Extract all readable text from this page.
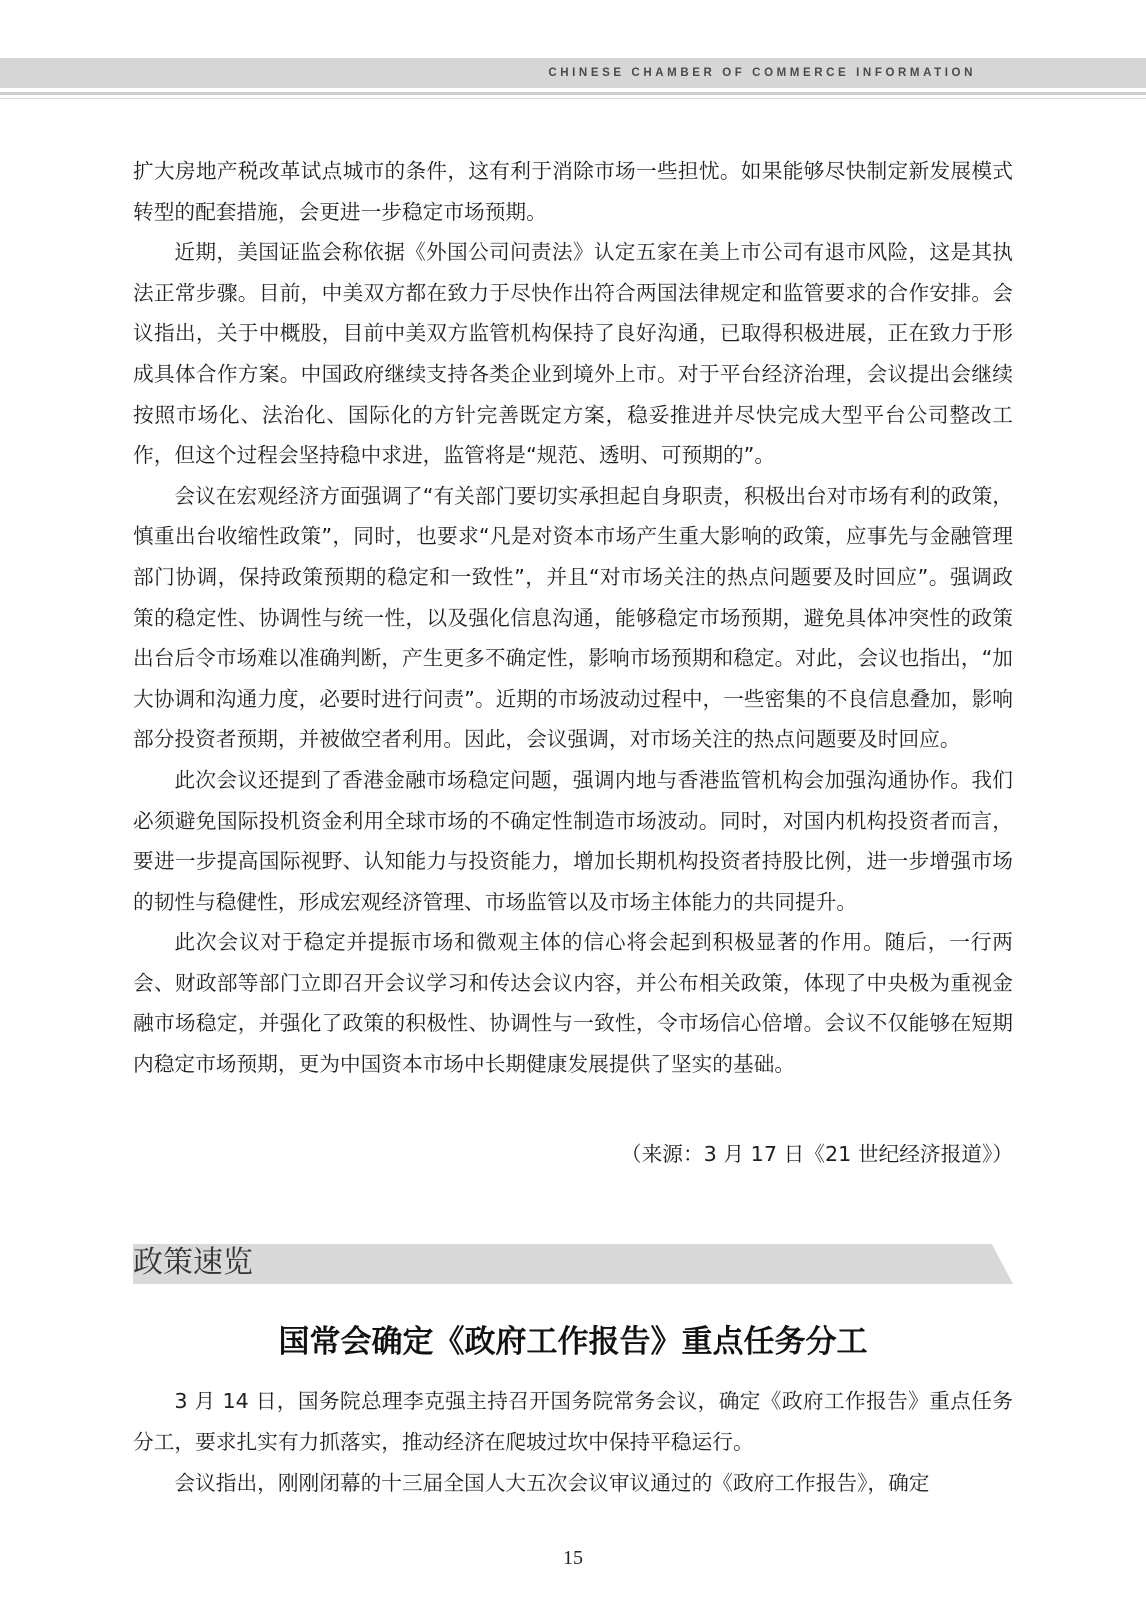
CHINESE CHAMBER OF COMMERCE INFORMATION

扩大房地产税改革试点城市的条件，这有利于消除市场一些担忧。如果能够尽快制定新发展模式转型的配套措施，会更进一步稳定市场预期。

近期，美国证监会称依据《外国公司问责法》认定五家在美上市公司有退市风险，这是其执法正常步骤。目前，中美双方都在致力于尽快作出符合两国法律规定和监管要求的合作安排。会议指出，关于中概股，目前中美双方监管机构保持了良好沟通，已取得积极进展，正在致力于形成具体合作方案。中国政府继续支持各类企业到境外上市。对于平台经济治理，会议提出会继续按照市场化、法治化、国际化的方针完善既定方案，稳妥推进并尽快完成大型平台公司整改工作，但这个过程会坚持稳中求进，监管将是“规范、透明、可预期的”。

会议在宏观经济方面强调了“有关部门要切实承担起自身职责，积极出台对市场有利的政策，慎重出台收缩性政策”，同时，也要求“凡是对资本市场产生重大影响的政策，应事先与金融管理部门协调，保持政策预期的稳定和一致性”，并且“对市场关注的热点问题要及时回应”。强调政策的稳定性、协调性与统一性，以及强化信息沟通，能够稳定市场预期，避免具体冲突性的政策出台后令市场难以准确判断，产生更多不确定性，影响市场预期和稳定。对此，会议也指出，“加大协调和沟通力度，必要时进行问责”。近期的市场波动过程中，一些密集的不良信息叠加，影响部分投资者预期，并被做空者利用。因此，会议强调，对市场关注的热点问题要及时回应。

此次会议还提到了香港金融市场稳定问题，强调内地与香港监管机构会加强沟通协作。我们必须避免国际投机资金利用全球市场的不确定性制造市场波动。同时，对国内机构投资者而言，要进一步提高国际视野、认知能力与投资能力，增加长期机构投资者持股比例，进一步增强市场的韧性与稳健性，形成宏观经济管理、市场监管以及市场主体能力的共同提升。

此次会议对于稳定并提振市场和微观主体的信心将会起到积极显著的作用。随后，一行两会、财政部等部门立即召开会议学习和传达会议内容，并公布相关政策，体现了中央极为重视金融市场稳定，并强化了政策的积极性、协调性与一致性，令市场信心倍增。会议不仅能够在短期内稳定市场预期，更为中国资本市场中长期健康发展提供了坚实的基础。

（来源：3 月 17 日《21 世纪经济报道》）
政策速览
国常会确定《政府工作报告》重点任务分工

3 月 14 日，国务院总理李克强主持召开国务院常务会议，确定《政府工作报告》重点任务分工，要求扎实有力抓落实，推动经济在爬坡过坎中保持平稳运行。

会议指出，刚刚闭幕的十三届全国人大五次会议审议通过的《政府工作报告》，确定

15
